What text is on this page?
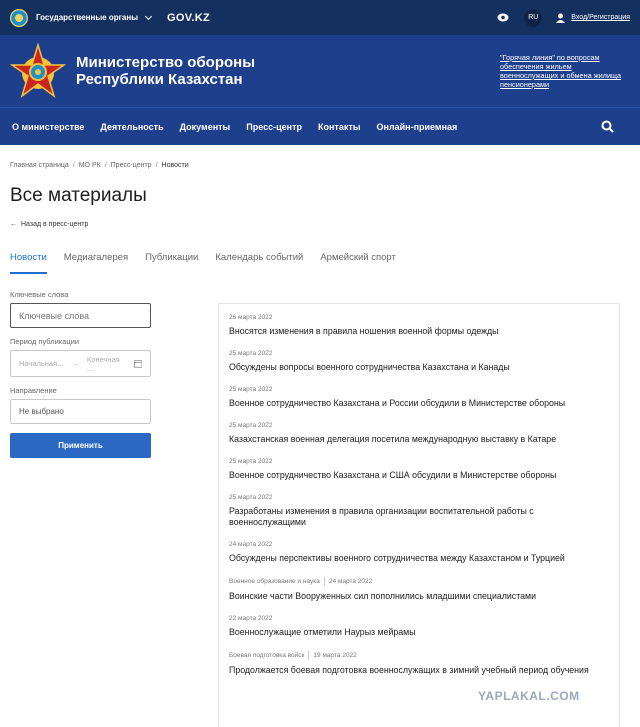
Государственные органы	GOV.KZ	RU	Вход/Регистрация
Министерство обороны Республики Казахстан
"Горячая линия" по вопросам обеспечения жильем военнослужащих и обмена жилища пенсионерами
О министерстве Деятельность Документы Пресс-центр Контакты Онлайн-приемная
Главная страница / МО РК / Пресс-центр / Новости
Все материалы
← Назад в пресс-центр
Новости Медиагалерея Публикации Календарь событий Армейский спорт
Ключевые слова
Ключевые слова
Период публикации
Начальная... → Конечная ...
Направление
Не выбрано
Применить
26 марта 2022
Вносятся изменения в правила ношения военной формы одежды
25 марта 2022
Обсуждены вопросы военного сотрудничества Казахстана и Канады
25 марта 2022
Военное сотрудничество Казахстана и России обсудили в Министерстве обороны
25 марта 2022
Казахстанская военная делегация посетила международную выставку в Катаре
25 марта 2022
Военное сотрудничество Казахстана и США обсудили в Министерстве обороны
25 марта 2022
Разработаны изменения в правила организации воспитательной работы с военнослужащими
24 марта 2022
Обсуждены перспективы военного сотрудничества между Казахстаном и Турцией
Военное образование и наука 24 марта 2022
Воинские части Вооруженных сил пополнились младшими специалистами
22 марта 2022
Военнослужащие отметили Наурыз мейрамы
Боевая подготовка войск 19 марта 2022
Продолжается боевая подготовка военнослужащих в зимний учебный период обучения
YAPLAKAL.COM
